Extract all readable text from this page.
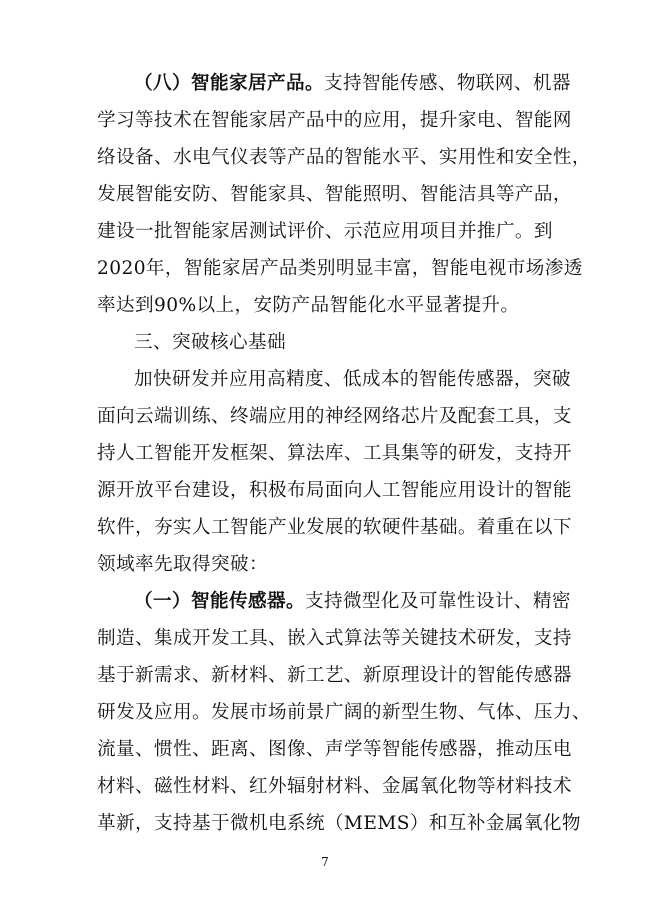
（八）智能家居产品。支持智能传感、物联网、机器
学习等技术在智能家居产品中的应用，提升家电、智能网
络设备、水电气仪表等产品的智能水平、实用性和安全性，
发展智能安防、智能家具、智能照明、智能洁具等产品，
建设一批智能家居测试评价、示范应用项目并推广。到
2020年，智能家居产品类别明显丰富，智能电视市场渗透
率达到90%以上，安防产品智能化水平显著提升。
三、突破核心基础
加快研发并应用高精度、低成本的智能传感器，突破
面向云端训练、终端应用的神经网络芯片及配套工具，支
持人工智能开发框架、算法库、工具集等的研发，支持开
源开放平台建设，积极布局面向人工智能应用设计的智能
软件，夯实人工智能产业发展的软硬件基础。着重在以下
领域率先取得突破：
（一）智能传感器。支持微型化及可靠性设计、精密
制造、集成开发工具、嵌入式算法等关键技术研发，支持
基于新需求、新材料、新工艺、新原理设计的智能传感器
研发及应用。发展市场前景广阔的新型生物、气体、压力、
流量、惯性、距离、图像、声学等智能传感器，推动压电
材料、磁性材料、红外辐射材料、金属氧化物等材料技术
革新，支持基于微机电系统（MEMS）和互补金属氧化物
7
